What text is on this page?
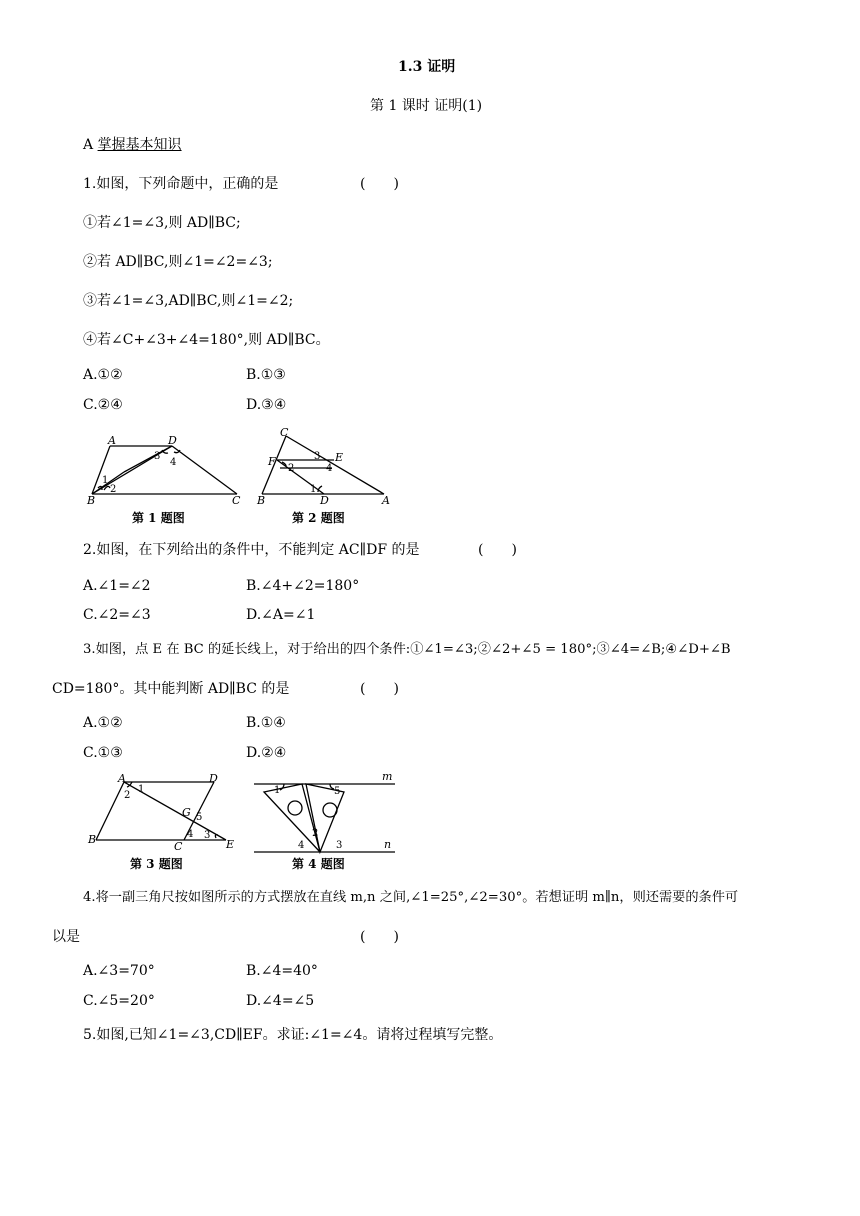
1.3 证明
第 1 课时 证明(1)
A 掌握基本知识
1.如图，下列命题中，正确的是	(　　)
①若∠1=∠3,则 AD∥BC;
②若 AD∥BC,则∠1=∠2=∠3;
③若∠1=∠3,AD∥BC,则∠1=∠2;
④若∠C+∠3+∠4=180°,则 AD∥BC。
A.①②	B.①③
C.②④	D.③④
A	D
B	C
1
2
3
4
第 1 题图
C
F	E
B	D	A
1
2
3
4
第 2 题图
2.如图，在下列给出的条件中，不能判定 AC∥DF 的是	(　　)
A.∠1=∠2	B.∠4+∠2=180°
C.∠2=∠3	D.∠A=∠1
3.如图，点 E 在 BC 的延长线上，对于给出的四个条件:①∠1=∠3;②∠2+∠5 = 180°;③∠4=∠B;④∠D+∠B
CD=180°。其中能判断 AD∥BC 的是	(　　)
A.①②	B.①④
C.①③	D.②④
A	D
B
C
G
E
1
2
3
4
5
第 3 题图
m
n
1
2
3
4
5
第 4 题图
4.将一副三角尺按如图所示的方式摆放在直线 m,n 之间,∠1=25°,∠2=30°。若想证明 m∥n，则还需要的条件可
以是	(　　)
A.∠3=70°	B.∠4=40°
C.∠5=20°	D.∠4=∠5
5.如图,已知∠1=∠3,CD∥EF。求证:∠1=∠4。请将过程填写完整。
